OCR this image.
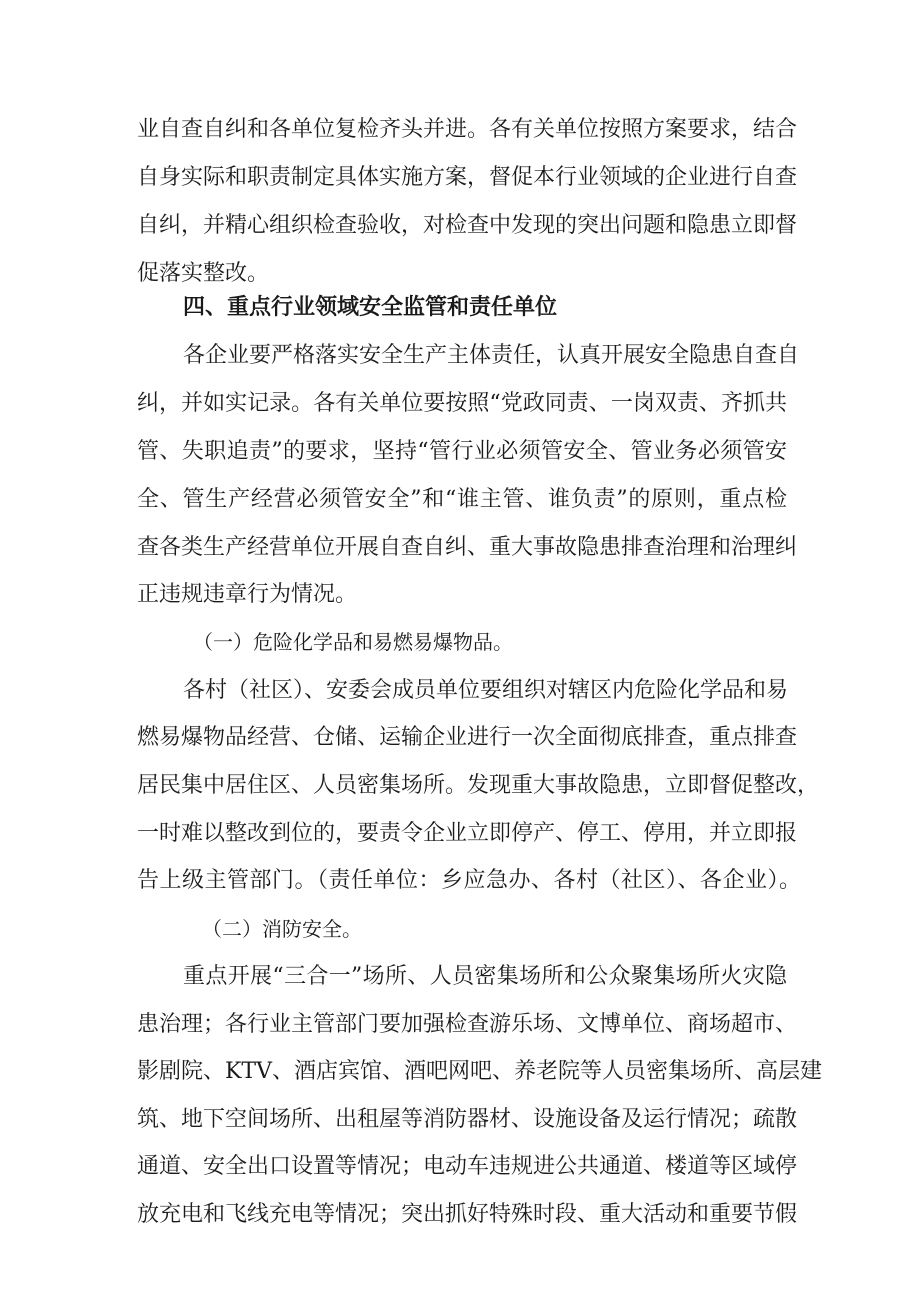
业自查自纠和各单位复检齐头并进。各有关单位按照方案要求，结合
自身实际和职责制定具体实施方案，督促本行业领域的企业进行自查
自纠，并精心组织检查验收，对检查中发现的突出问题和隐患立即督
促落实整改。
四、重点行业领域安全监管和责任单位
各企业要严格落实安全生产主体责任，认真开展安全隐患自查自
纠，并如实记录。各有关单位要按照“党政同责、一岗双责、齐抓共
管、失职追责”的要求，坚持“管行业必须管安全、管业务必须管安
全、管生产经营必须管安全”和“谁主管、谁负责”的原则，重点检
查各类生产经营单位开展自查自纠、重大事故隐患排查治理和治理纠
正违规违章行为情况。
（一）危险化学品和易燃易爆物品。
各村（社区）、安委会成员单位要组织对辖区内危险化学品和易
燃易爆物品经营、仓储、运输企业进行一次全面彻底排查，重点排查
居民集中居住区、人员密集场所。发现重大事故隐患，立即督促整改，
一时难以整改到位的，要责令企业立即停产、停工、停用，并立即报
告上级主管部门。（责任单位：乡应急办、各村（社区）、各企业）。
（二）消防安全。
重点开展“三合一”场所、人员密集场所和公众聚集场所火灾隐
患治理；各行业主管部门要加强检查游乐场、文博单位、商场超市、
影剧院、KTV、酒店宾馆、酒吧网吧、养老院等人员密集场所、高层建
筑、地下空间场所、出租屋等消防器材、设施设备及运行情况；疏散
通道、安全出口设置等情况；电动车违规进公共通道、楼道等区域停
放充电和飞线充电等情况；突出抓好特殊时段、重大活动和重要节假
